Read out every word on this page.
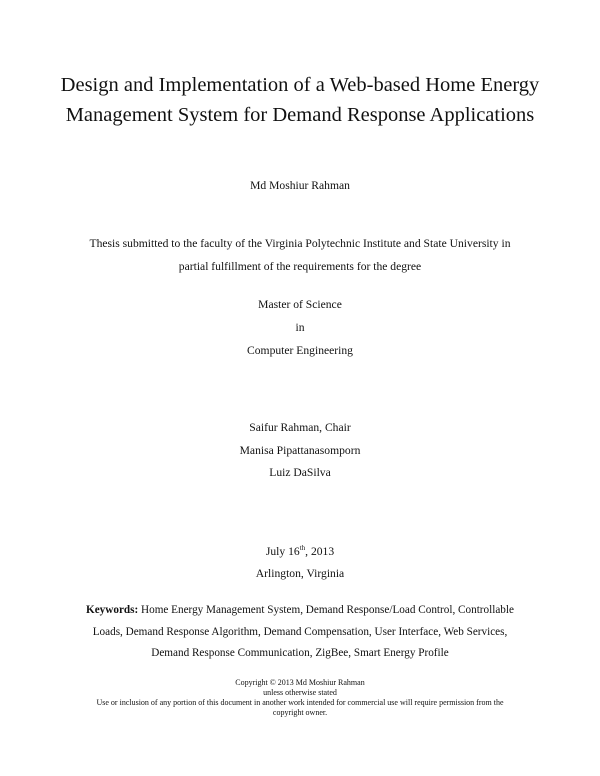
Design and Implementation of a Web-based Home Energy
Management System for Demand Response Applications
Md Moshiur Rahman
Thesis submitted to the faculty of the Virginia Polytechnic Institute and State University in
partial fulfillment of the requirements for the degree
Master of Science
in
Computer Engineering
Saifur Rahman, Chair
Manisa Pipattanasomporn
Luiz DaSilva
July 16th, 2013
Arlington, Virginia
Keywords: Home Energy Management System, Demand Response/Load Control, Controllable
Loads, Demand Response Algorithm, Demand Compensation, User Interface, Web Services,
Demand Response Communication, ZigBee, Smart Energy Profile
Copyright © 2013 Md Moshiur Rahman
unless otherwise stated
Use or inclusion of any portion of this document in another work intended for commercial use will require permission from the
copyright owner.
